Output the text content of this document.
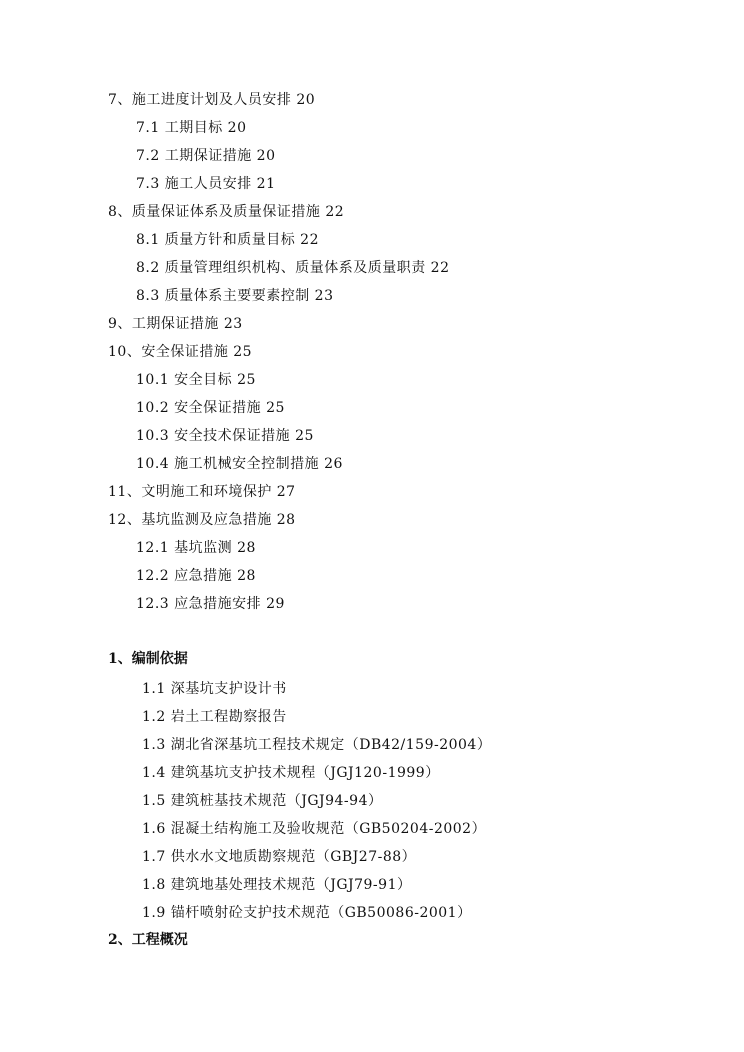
7、施工进度计划及人员安排 20
7.1 工期目标 20
7.2 工期保证措施 20
7.3 施工人员安排 21
8、质量保证体系及质量保证措施 22
8.1 质量方针和质量目标 22
8.2 质量管理组织机构、质量体系及质量职责 22
8.3 质量体系主要要素控制 23
9、工期保证措施 23
10、安全保证措施 25
10.1 安全目标 25
10.2 安全保证措施 25
10.3 安全技术保证措施 25
10.4 施工机械安全控制措施 26
11、文明施工和环境保护 27
12、基坑监测及应急措施 28
12.1 基坑监测 28
12.2 应急措施 28
12.3 应急措施安排 29
1、编制依据
1.1 深基坑支护设计书
1.2 岩土工程勘察报告
1.3 湖北省深基坑工程技术规定（DB42/159-2004）
1.4 建筑基坑支护技术规程（JGJ120-1999）
1.5 建筑桩基技术规范（JGJ94-94）
1.6 混凝土结构施工及验收规范（GB50204-2002）
1.7 供水水文地质勘察规范（GBJ27-88）
1.8 建筑地基处理技术规范（JGJ79-91）
1.9 锚杆喷射砼支护技术规范（GB50086-2001）
2、工程概况
